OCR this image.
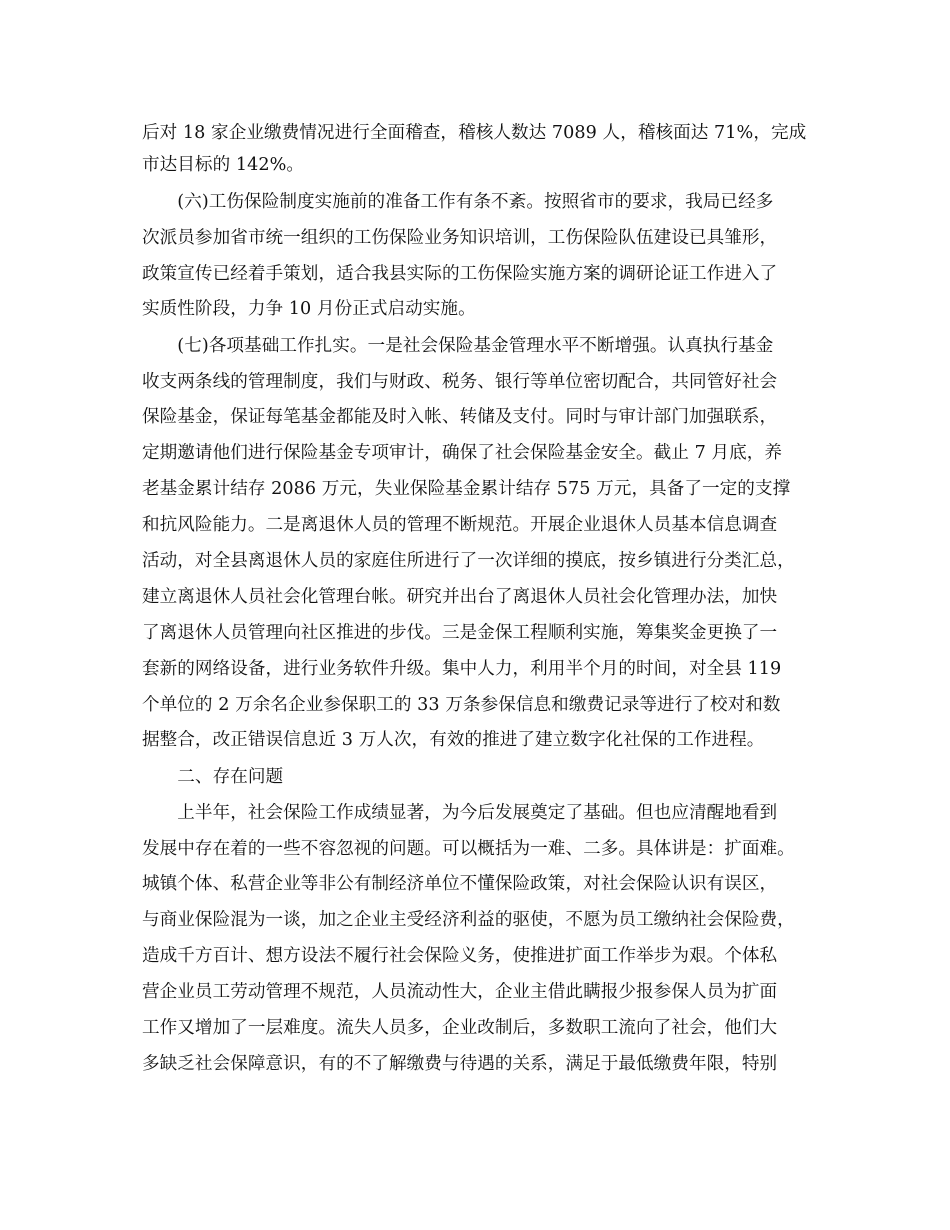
后对 18 家企业缴费情况进行全面稽查，稽核人数达 7089 人，稽核面达 71%，完成
市达目标的 142%。
　　(六)工伤保险制度实施前的准备工作有条不紊。按照省市的要求，我局已经多
次派员参加省市统一组织的工伤保险业务知识培训，工伤保险队伍建设已具雏形，
政策宣传已经着手策划，适合我县实际的工伤保险实施方案的调研论证工作进入了
实质性阶段，力争 10 月份正式启动实施。
　　(七)各项基础工作扎实。一是社会保险基金管理水平不断增强。认真执行基金
收支两条线的管理制度，我们与财政、税务、银行等单位密切配合，共同管好社会
保险基金，保证每笔基金都能及时入帐、转储及支付。同时与审计部门加强联系，
定期邀请他们进行保险基金专项审计，确保了社会保险基金安全。截止 7 月底，养
老基金累计结存 2086 万元，失业保险基金累计结存 575 万元，具备了一定的支撑
和抗风险能力。二是离退休人员的管理不断规范。开展企业退休人员基本信息调查
活动，对全县离退休人员的家庭住所进行了一次详细的摸底，按乡镇进行分类汇总，
建立离退休人员社会化管理台帐。研究并出台了离退休人员社会化管理办法，加快
了离退休人员管理向社区推进的步伐。三是金保工程顺利实施，筹集奖金更换了一
套新的网络设备，进行业务软件升级。集中人力，利用半个月的时间，对全县 119
个单位的 2 万余名企业参保职工的 33 万条参保信息和缴费记录等进行了校对和数
据整合，改正错误信息近 3 万人次，有效的推进了建立数字化社保的工作进程。
　　二、存在问题
　　上半年，社会保险工作成绩显著，为今后发展奠定了基础。但也应清醒地看到
发展中存在着的一些不容忽视的问题。可以概括为一难、二多。具体讲是：扩面难。
城镇个体、私营企业等非公有制经济单位不懂保险政策，对社会保险认识有误区，
与商业保险混为一谈，加之企业主受经济利益的驱使，不愿为员工缴纳社会保险费，
造成千方百计、想方设法不履行社会保险义务，使推进扩面工作举步为艰。个体私
营企业员工劳动管理不规范，人员流动性大，企业主借此瞒报少报参保人员为扩面
工作又增加了一层难度。流失人员多，企业改制后，多数职工流向了社会，他们大
多缺乏社会保障意识，有的不了解缴费与待遇的关系，满足于最低缴费年限，特别
